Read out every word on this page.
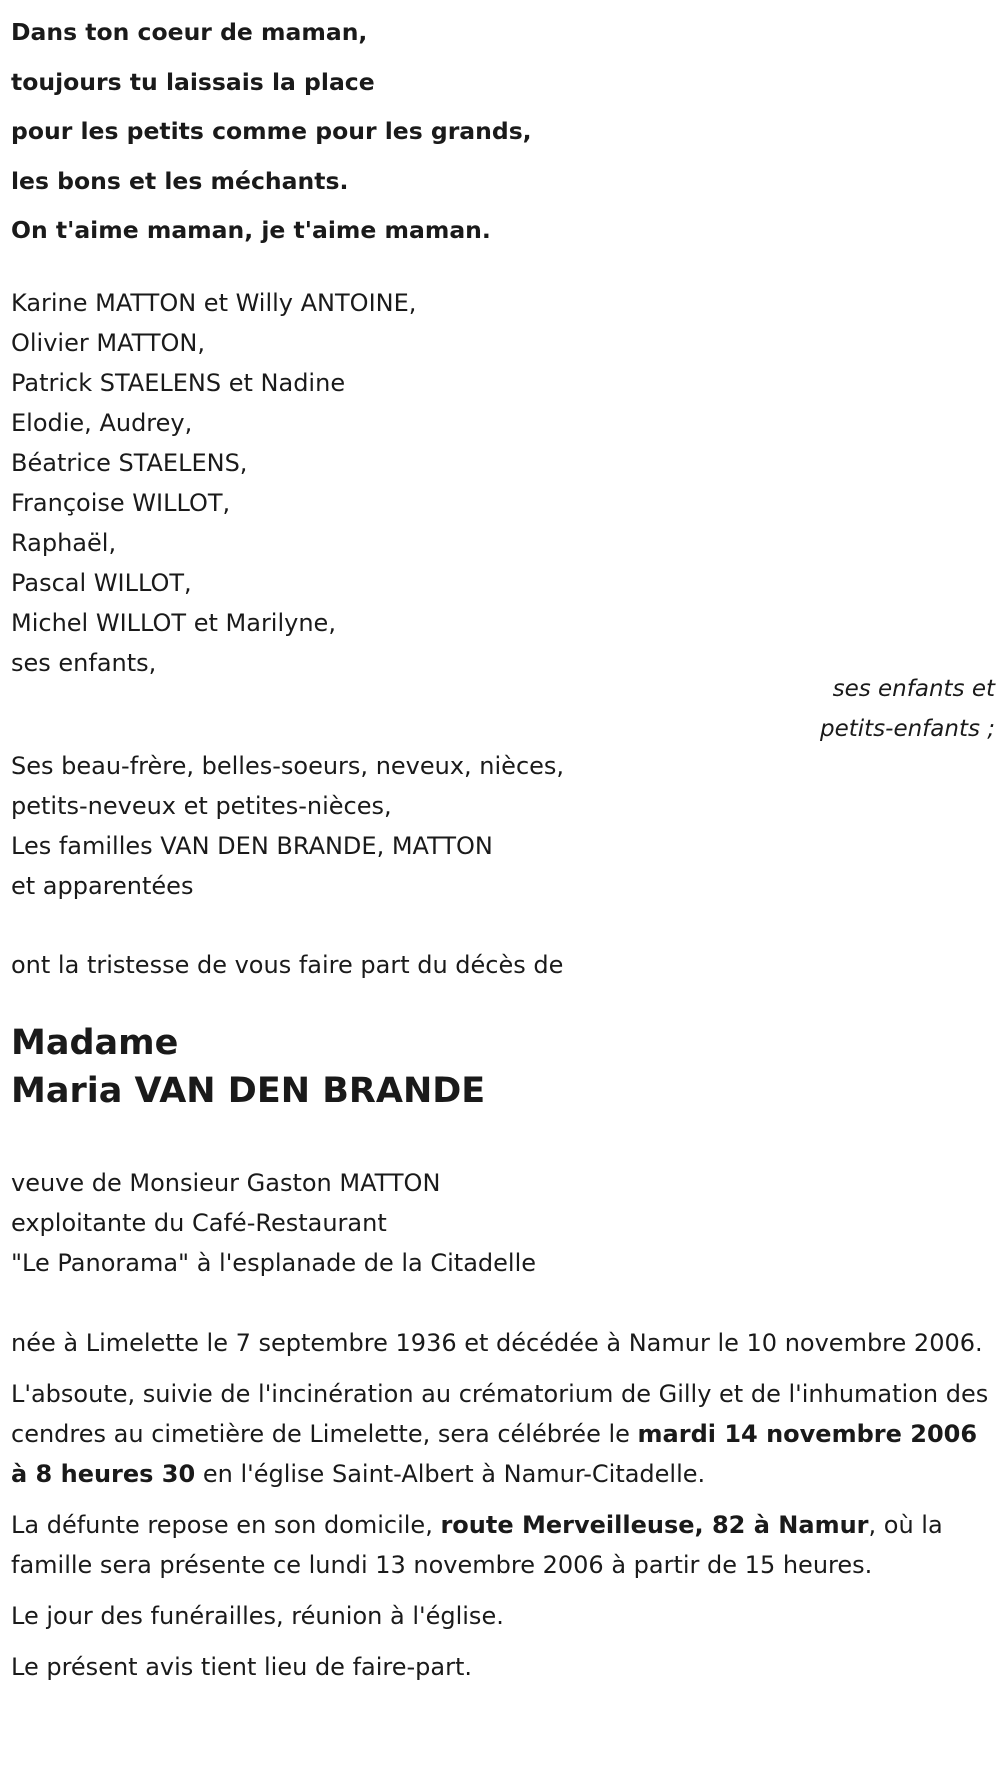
Dans ton coeur de maman,
toujours tu laissais la place
pour les petits comme pour les grands,
les bons et les méchants.
On t'aime maman, je t'aime maman.
Karine MATTON et Willy ANTOINE,
Olivier MATTON,
Patrick STAELENS et Nadine
Elodie, Audrey,
Béatrice STAELENS,
Françoise WILLOT,
Raphaël,
Pascal WILLOT,
Michel WILLOT et Marilyne,
ses enfants,
ses enfants et
petits-enfants ;
Ses beau-frère, belles-soeurs, neveux, nièces,
petits-neveux et petites-nièces,
Les familles VAN DEN BRANDE, MATTON
et apparentées
ont la tristesse de vous faire part du décès de
Madame
Maria VAN DEN BRANDE
veuve de Monsieur Gaston MATTON
exploitante du Café-Restaurant
"Le Panorama" à l'esplanade de la Citadelle

née à Limelette le 7 septembre 1936 et décédée à Namur le 10 novembre 2006.

L'absoute, suivie de l'incinération au crématorium de Gilly et de l'inhumation des cendres au cimetière de Limelette, sera célébrée le mardi 14 novembre 2006 à 8 heures 30 en l'église Saint-Albert à Namur-Citadelle.

La défunte repose en son domicile, route Merveilleuse, 82 à Namur, où la famille sera présente ce lundi 13 novembre 2006 à partir de 15 heures.

Le jour des funérailles, réunion à l'église.

Le présent avis tient lieu de faire-part.
